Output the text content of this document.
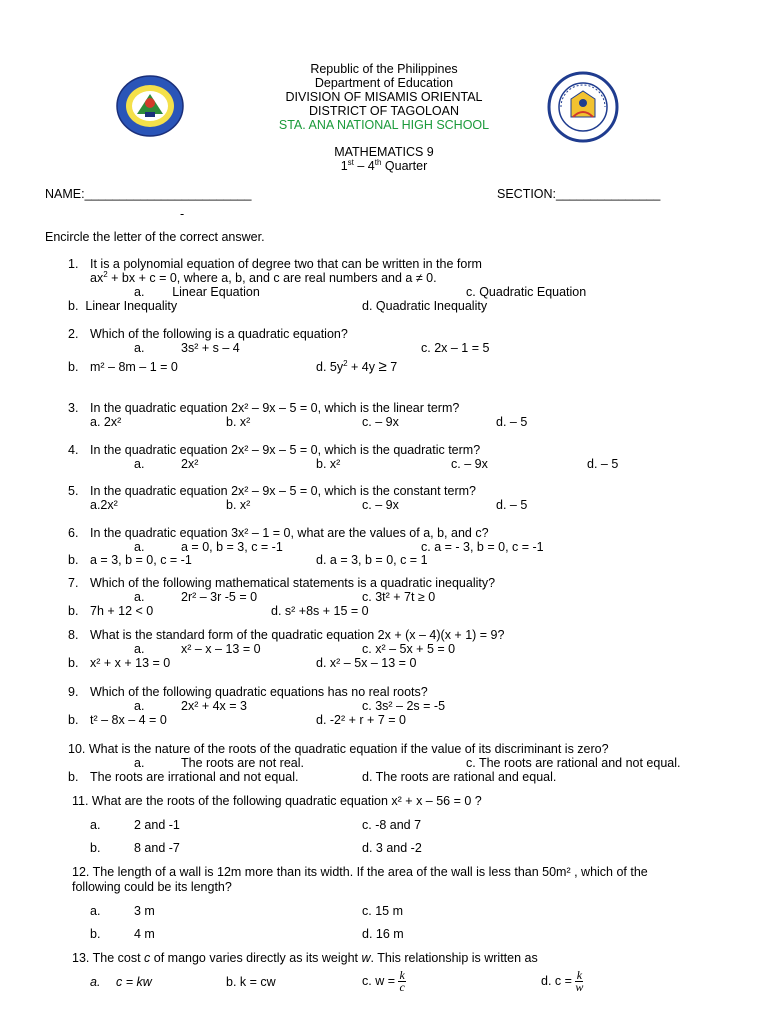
Republic of the Philippines
Department of Education
DIVISION OF MISAMIS ORIENTAL
DISTRICT OF TAGOLOAN
STA. ANA NATIONAL HIGH SCHOOL
MATHEMATICS 9
1st – 4th Quarter
NAME:________________________	SECTION:_______________
-
Encircle the letter of the correct answer.
1. It is a polynomial equation of degree two that can be written in the form
$ax^2$ + bx + c = 0, where a, b, and c are real numbers and a ≠ 0.
a.        Linear Equation	c. Quadratic Equation
b.  Linear Inequality	d. Quadratic Inequality
2. Which of the following is a quadratic equation?
a.	3s² + s – 4	c. 2x – 1 = 5
b. m² – 8m – 1 = 0	d. $5y^2 + 4y \ge 7$
3. In the quadratic equation 2x² – 9x – 5 = 0, which is the linear term?
a. 2x²	b. x²	c. – 9x	d. – 5
4. In the quadratic equation 2x² – 9x – 5 = 0, which is the quadratic term?
a.	2x²	b. x²	c. – 9x	d. – 5
5. In the quadratic equation 2x² – 9x – 5 = 0, which is the constant term?
a.2x²	b. x²	c. – 9x	d. – 5
6. In the quadratic equation 3x² – 1 = 0, what are the values of a, b, and c?
a.	a = 0, b = 3, c = -1	c. a = - 3, b = 0, c = -1
b. a = 3, b = 0, c = -1	d. a = 3, b = 0, c = 1
7. Which of the following mathematical statements is a quadratic inequality?
a.	2r² – 3r -5 = 0	c. 3t² + 7t ≥ 0
b. 7h + 12 < 0	d. s² +8s + 15 = 0
8. What is the standard form of the quadratic equation 2x + (x – 4)(x + 1) = 9?
a.	x² – x – 13 = 0	c. x² – 5x + 5 = 0
b. x² + x + 13 = 0	d. x² – 5x – 13 = 0
9. Which of the following quadratic equations has no real roots?
a.	2x² + 4x = 3	c. 3s² – 2s = -5
b. t² – 8x – 4 = 0	d. -2² + r + 7 = 0
10. What is the nature of the roots of the quadratic equation if the value of its discriminant is zero?
a.	The roots are not real.	c. The roots are rational and not equal.
b. The roots are irrational and not equal.	d. The roots are rational and equal.
11. What are the roots of the following quadratic equation x² + x – 56 = 0 ?
a.	2 and -1	c. -8 and 7
b.	8 and -7	d. 3 and -2
12. The length of a wall is 12m more than its width. If the area of the wall is less than 50m² , which of the
following could be its length?
a.	3 m	c. 15 m
b.	4 m	d. 16 m
13. The cost c of mango varies directly as its weight w. This relationship is written as
a. c = kw	b. k = cw	c. $w = \frac{k}{c}$	d. $c = \frac{k}{w}$
